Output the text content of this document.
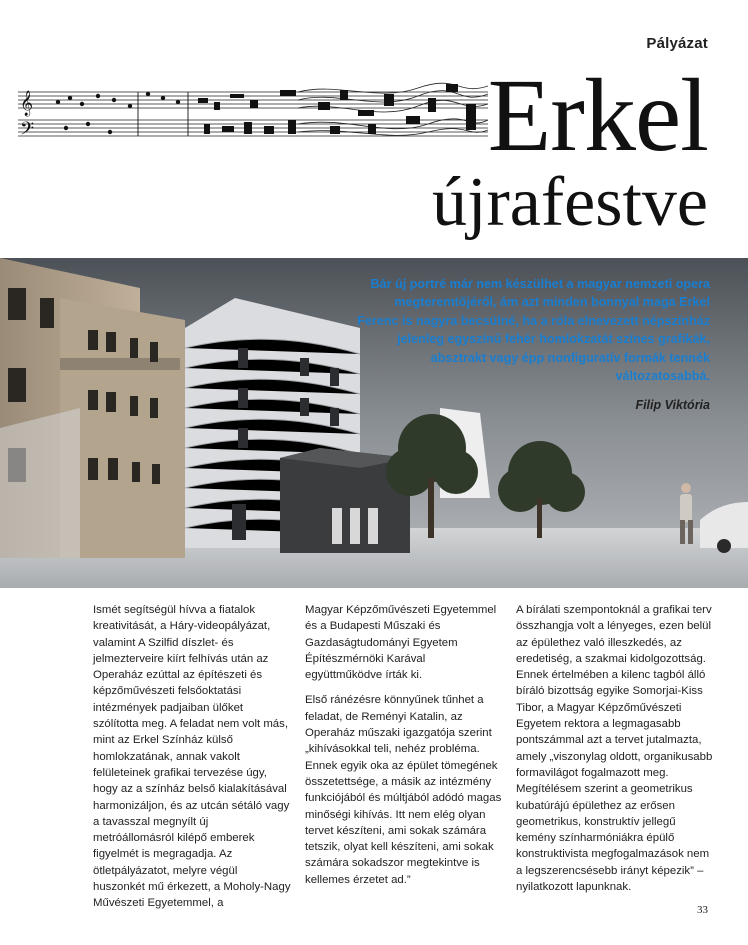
Pályázat
𝄞
𝄢	Erkel
újrafestve

Bár új portré már nem készülhet a magyar nemzeti opera megteremtőjéről, ám azt minden bonnyal maga Erkel Ferenc is nagyra becsülné, ha a róla elnevezett népszínház jelenleg egyszínű fehér homlokzatát színes grafikák, absztrakt vagy épp nonfiguratív formák tennék változatosabbá.

Filip Viktória

Ismét segítségül hívva a fiatalok kreativitását, a Háry-videopályázat, valamint A Szilfid díszlet- és jelmezterveire kiírt felhívás után az Operaház ezúttal az építészeti és képzőművészeti felsőoktatási intézmények padjaiban ülőket szólította meg. A feladat nem volt más, mint az Erkel Színház külső homlokzatának, annak vakolt felületeinek grafikai tervezése úgy, hogy az a színház belső kialakításával harmonizáljon, és az utcán sétáló vagy a tavasszal megnyílt új metróállomásról kilépő emberek figyelmét is megragadja. Az ötletpályázatot, melyre végül huszonkét mű érkezett, a Moholy-Nagy Művészeti Egyetemmel, a

Magyar Képzőművészeti Egyetemmel és a Budapesti Műszaki és Gazdaságtudományi Egyetem Építészmérnöki Karával együttműködve írták ki.

Első ránézésre könnyűnek tűnhet a feladat, de Reményi Katalin, az Operaház műszaki igazgatója szerint „kihívásokkal teli, nehéz probléma. Ennek egyik oka az épület tömegének összetettsége, a másik az intézmény funkciójából és múltjából adódó magas minőségi kihívás. Itt nem elég olyan tervet készíteni, ami sokak számára tetszik, olyat kell készíteni, ami sokak számára sokadszor megtekintve is kellemes érzetet ad.”

A bírálati szempontoknál a grafikai terv összhangja volt a lényeges, ezen belül az épülethez való illeszkedés, az eredetiség, a szakmai kidolgozottság. Ennek értelmében a kilenc tagból álló bíráló bizottság egyike Somorjai-Kiss Tibor, a Magyar Képzőművészeti Egyetem rektora a legmagasabb pontszámmal azt a tervet jutalmazta, amely „viszonylag oldott, organikusabb formavilágot fogalmazott meg. Megítélésem szerint a geometrikus kubatúrájú épülethez az erősen geometrikus, konstruktív jellegű kemény színharmóniákra épülő konstruktivista megfogalmazások nem a legszerencsésebb irányt képezik” – nyilatkozott lapunknak.

33
